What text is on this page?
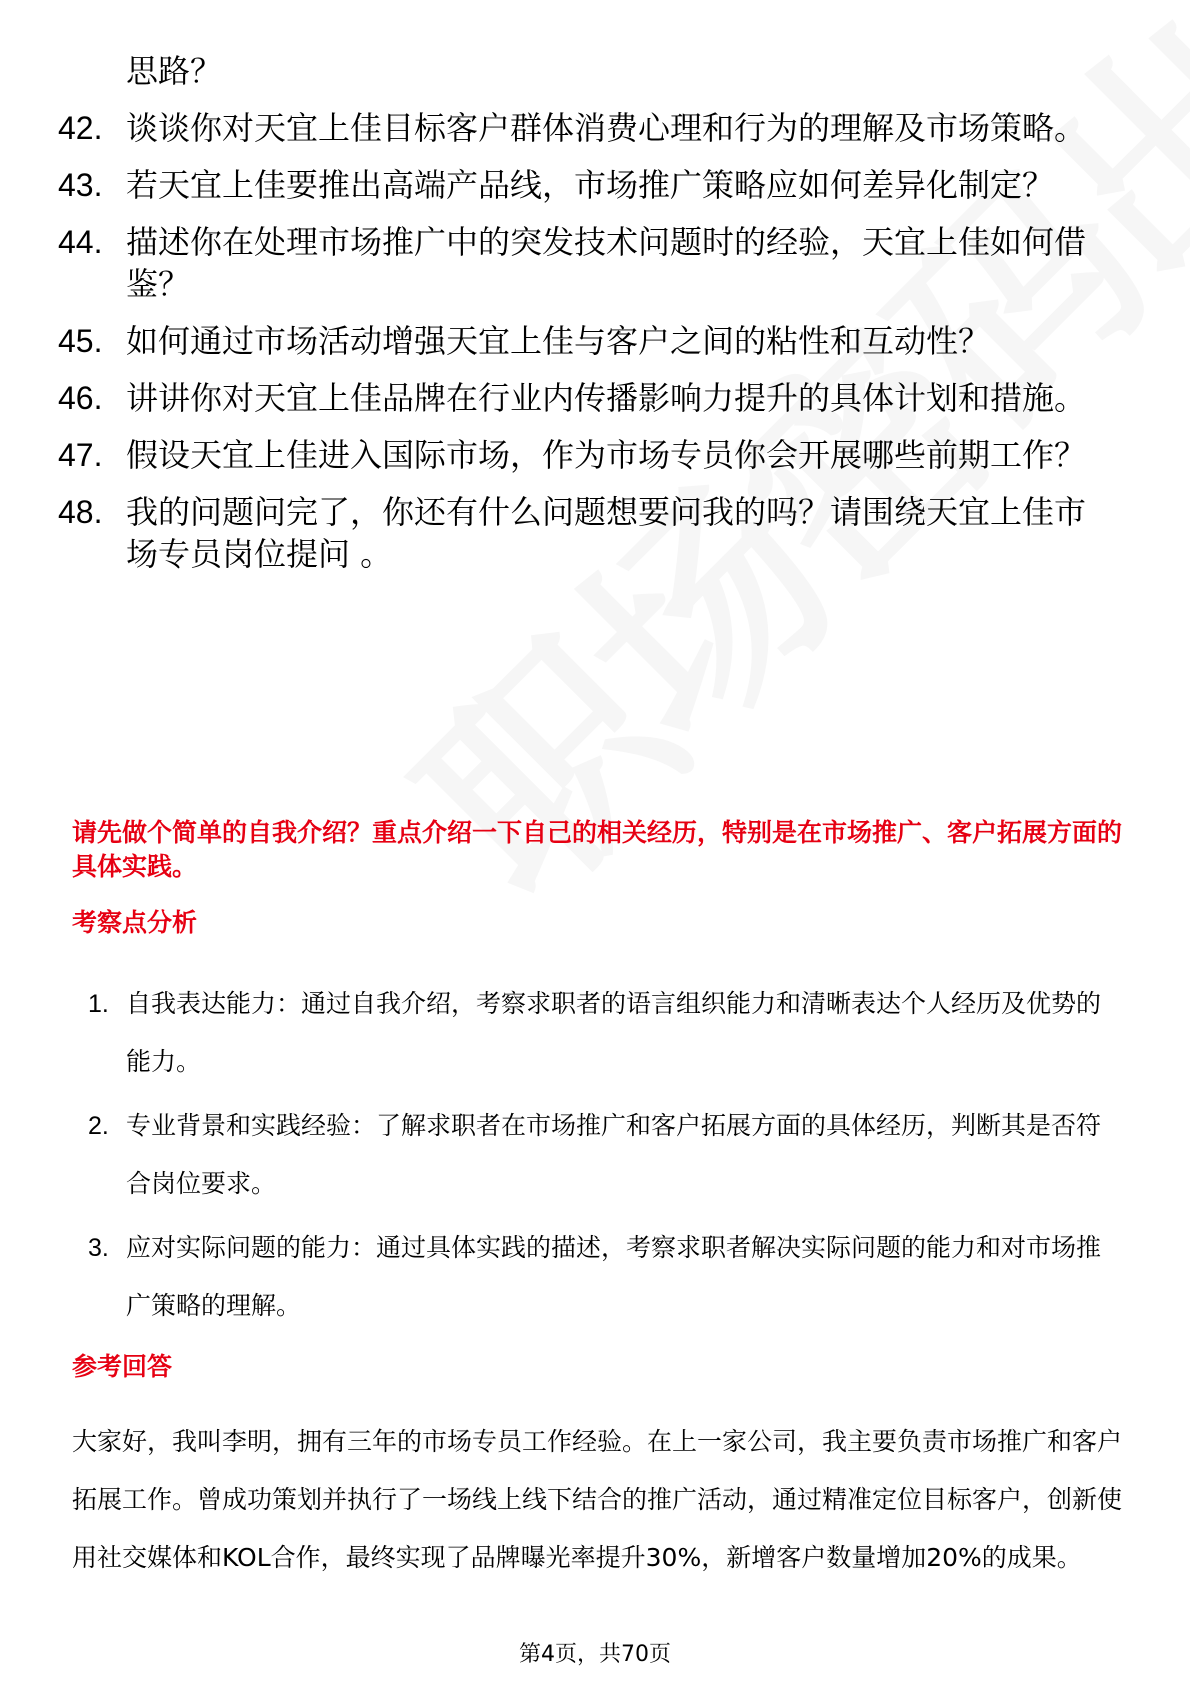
思路？
42. 谈谈你对天宜上佳目标客户群体消费心理和行为的理解及市场策略。
43. 若天宜上佳要推出高端产品线，市场推广策略应如何差异化制定？
44. 描述你在处理市场推广中的突发技术问题时的经验，天宜上佳如何借鉴？
45. 如何通过市场活动增强天宜上佳与客户之间的粘性和互动性？
46. 讲讲你对天宜上佳品牌在行业内传播影响力提升的具体计划和措施。
47. 假设天宜上佳进入国际市场，作为市场专员你会开展哪些前期工作？
48. 我的问题问完了，你还有什么问题想要问我的吗？请围绕天宜上佳市场专员岗位提问 。
请先做个简单的自我介绍？重点介绍一下自己的相关经历，特别是在市场推广、客户拓展方面的具体实践。
考察点分析
1. 自我表达能力：通过自我介绍，考察求职者的语言组织能力和清晰表达个人经历及优势的能力。
2. 专业背景和实践经验：了解求职者在市场推广和客户拓展方面的具体经历，判断其是否符合岗位要求。
3. 应对实际问题的能力：通过具体实践的描述，考察求职者解决实际问题的能力和对市场推广策略的理解。
参考回答
大家好，我叫李明，拥有三年的市场专员工作经验。在上一家公司，我主要负责市场推广和客户拓展工作。曾成功策划并执行了一场线上线下结合的推广活动，通过精准定位目标客户，创新使用社交媒体和KOL合作，最终实现了品牌曝光率提升30%，新增客户数量增加20%的成果。
第4页，共70页
